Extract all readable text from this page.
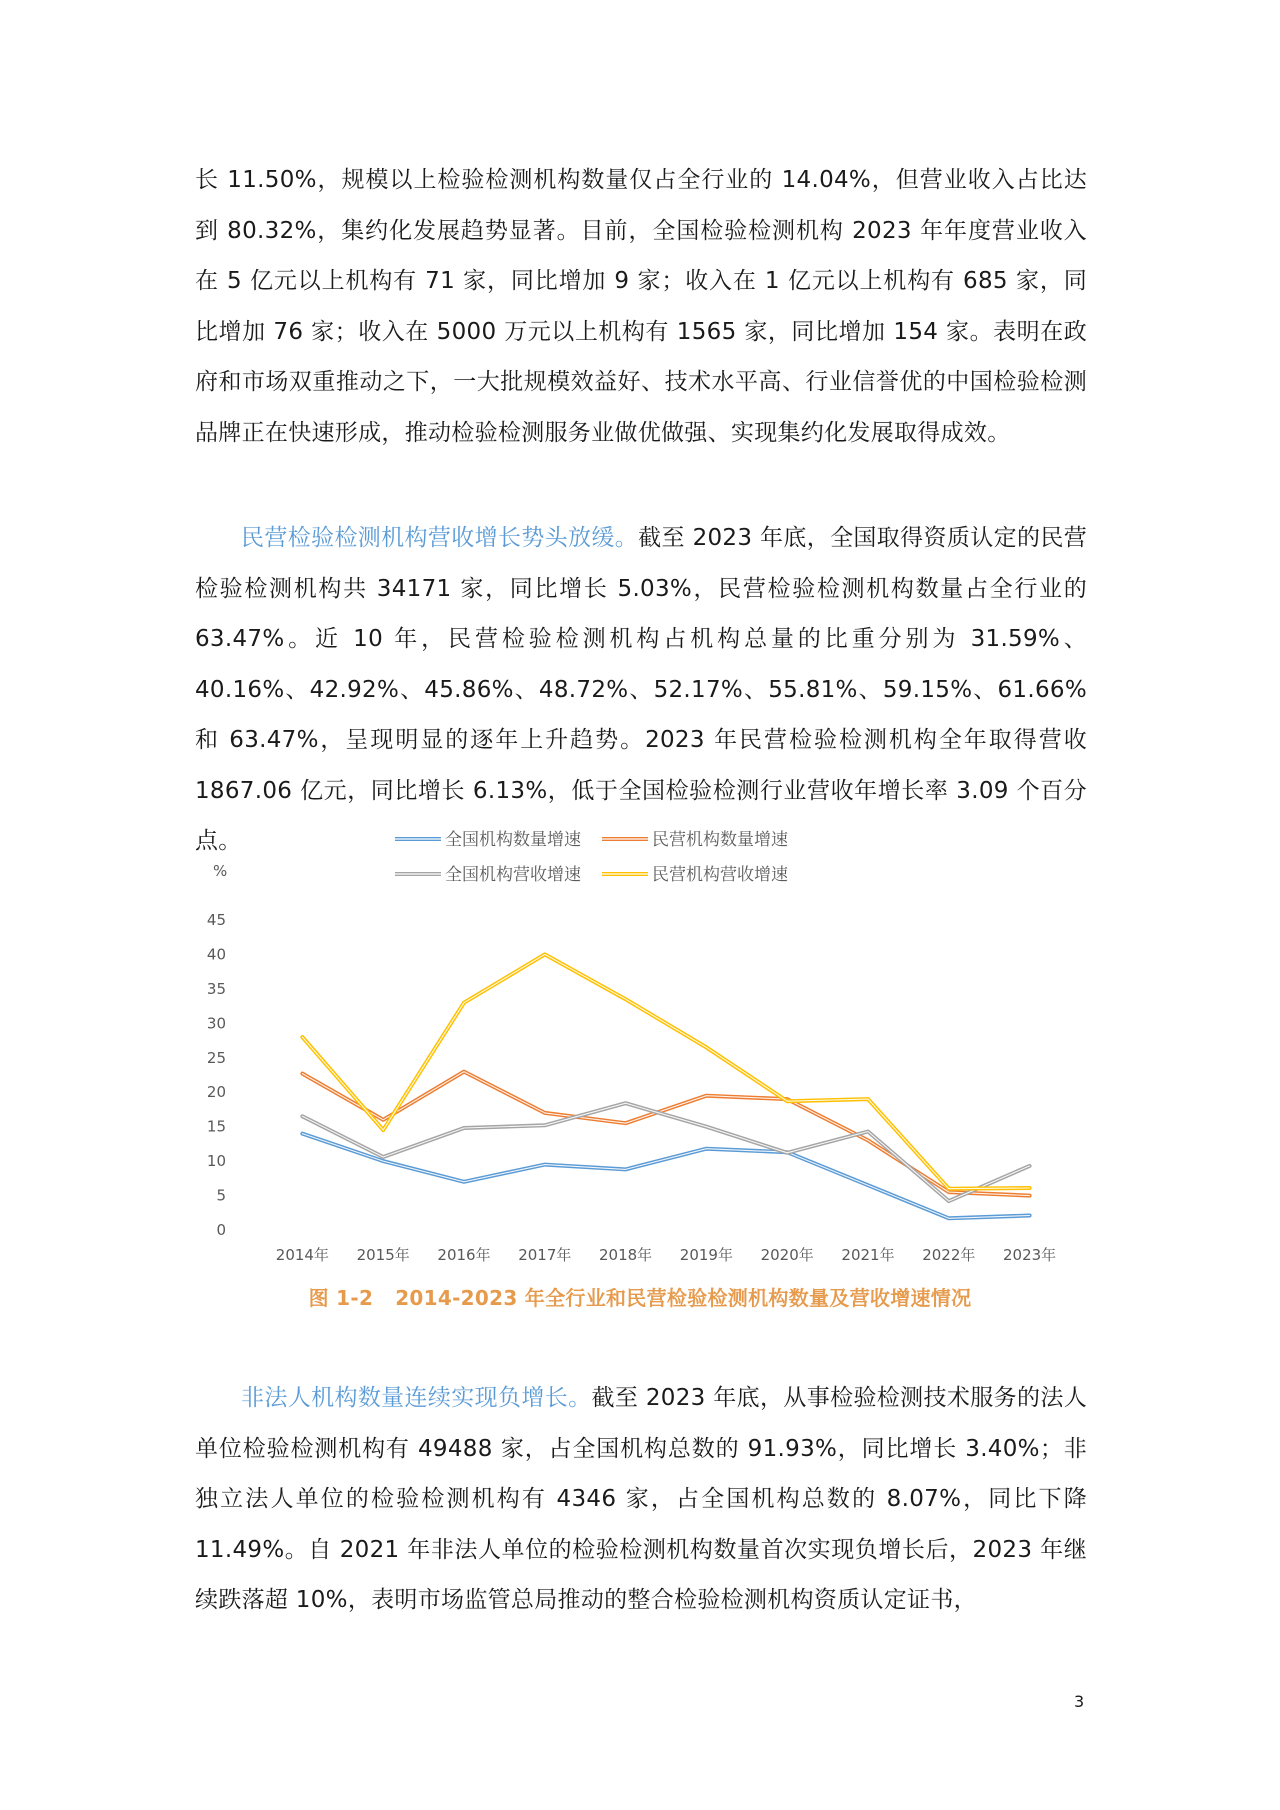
长 11.50%，规模以上检验检测机构数量仅占全行业的 14.04%，但营业收入占比达到 80.32%，集约化发展趋势显著。目前，全国检验检测机构 2023 年年度营业收入在 5 亿元以上机构有 71 家，同比增加 9 家；收入在 1 亿元以上机构有 685 家，同比增加 76 家；收入在 5000 万元以上机构有 1565 家，同比增加 154 家。表明在政府和市场双重推动之下，一大批规模效益好、技术水平高、行业信誉优的中国检验检测品牌正在快速形成，推动检验检测服务业做优做强、实现集约化发展取得成效。

民营检验检测机构营收增长势头放缓。截至 2023 年底，全国取得资质认定的民营检验检测机构共 34171 家，同比增长 5.03%，民营检验检测机构数量占全行业的 63.47%。近 10 年，民营检验检测机构占机构总量的比重分别为 31.59%、40.16%、42.92%、45.86%、48.72%、52.17%、55.81%、59.15%、61.66%和 63.47%，呈现明显的逐年上升趋势。2023 年民营检验检测机构全年取得营收 1867.06 亿元，同比增长 6.13%，低于全国检验检测行业营收年增长率 3.09 个百分点。

%
0
5
10
15
20
25
30
35
40
45
2014年 2015年 2016年 2017年 2018年 2019年 2020年 2021年 2022年 2023年
全国机构数量增速	民营机构数量增速
全国机构营收增速	民营机构营收增速
图 1-2 2014-2023 年全行业和民营检验检测机构数量及营收增速情况

非法人机构数量连续实现负增长。截至 2023 年底，从事检验检测技术服务的法人单位检验检测机构有 49488 家，占全国机构总数的 91.93%，同比增长 3.40%；非独立法人单位的检验检测机构有 4346 家，占全国机构总数的 8.07%，同比下降 11.49%。自 2021 年非法人单位的检验检测机构数量首次实现负增长后，2023 年继续跌落超 10%，表明市场监管总局推动的整合检验检测机构资质认定证书，

3
